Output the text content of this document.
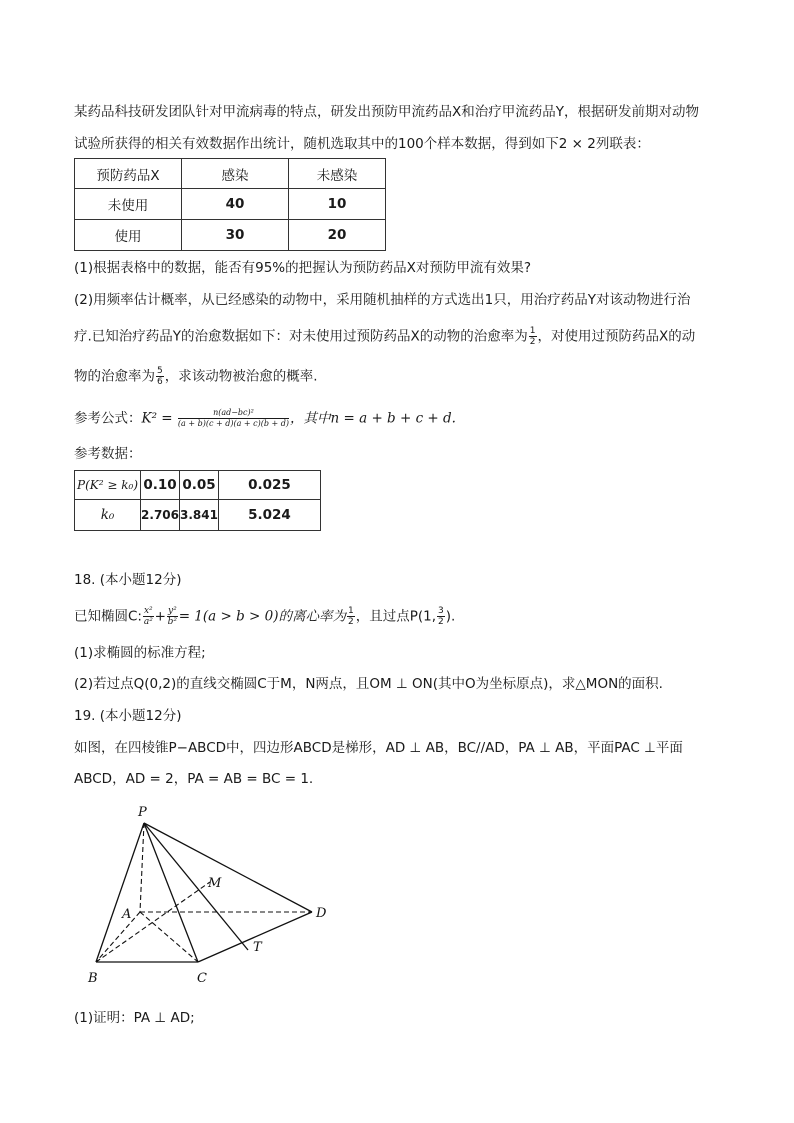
某药品科技研发团队针对甲流病毒的特点，研发出预防甲流药品X和治疗甲流药品Y，根据研发前期对动物
试验所获得的相关有效数据作出统计，随机选取其中的100个样本数据，得到如下2 × 2列联表：
预防药品X	感染	未感染
未使用	40	10
使用	30	20
(1)根据表格中的数据，能否有95%的把握认为预防药品X对预防甲流有效果?
(2)用频率估计概率，从已经感染的动物中，采用随机抽样的方式选出1只，用治疗药品Y对该动物进行治
疗.已知治疗药品Y的治愈数据如下：对未使用过预防药品X的动物的治愈率为 $\frac{1}{2}$ ，对使用过预防药品X的动
物的治愈率为 $\frac{5}{6}$ ，求该动物被治愈的概率.
参考公式：$K^2 = \frac{\text{n(ad−bc)²}}{(a + b)(c + d)(a + c)(b + d)}$ ，其中n = a + b + c + d.
参考数据：
P(K² ≥ k₀)	0.10	0.05	0.025
k₀	2.706	3.841	5.024
18. (本小题12分)
已知椭圆C: $\frac{\text{x²}}{\text{a²}} + \frac{\text{y²}}{\text{b²}} = 1(a > b > 0)$的离心率为 $\frac{1}{2}$ ，且过点P(1, $\frac{3}{2}$ ).
(1)求椭圆的标准方程;
(2)若过点Q(0,2)的直线交椭圆C于M，N两点，且OM ⊥ ON(其中O为坐标原点)，求△MON的面积.
19. (本小题12分)
如图，在四棱锥P−ABCD中，四边形ABCD是梯形，AD ⊥ AB，BC//AD，PA ⊥ AB，平面PAC ⊥平面
ABCD，AD = 2，PA = AB = BC = 1.
P
M
A	D
T
B	C
(1)证明：PA ⊥ AD;
